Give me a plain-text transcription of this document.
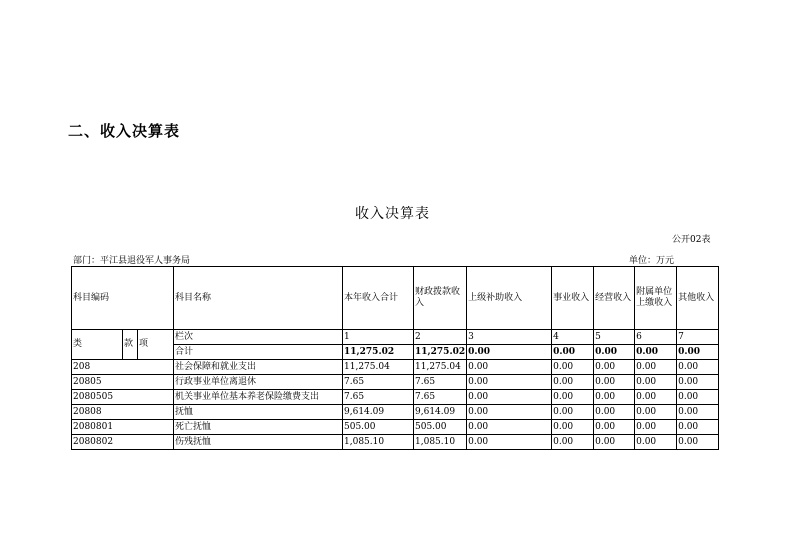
二、收入决算表
收入决算表
公开02表
部门：平江县退役军人事务局	单位：万元
科目编码			科目名称	本年收入合计	财政拨款收入	上级补助收入	事业收入	经营收入	附属单位上缴收入	其他收入
类	款	项	栏次	1	2	3	4	5	6	7
			合计	11,275.02	11,275.02	0.00	0.00	0.00	0.00	0.00
208			社会保障和就业支出	11,275.04	11,275.04	0.00	0.00	0.00	0.00	0.00
20805			行政事业单位离退休	7.65	7.65	0.00	0.00	0.00	0.00	0.00
2080505			机关事业单位基本养老保险缴费支出	7.65	7.65	0.00	0.00	0.00	0.00	0.00
20808			抚恤	9,614.09	9,614.09	0.00	0.00	0.00	0.00	0.00
2080801			死亡抚恤	505.00	505.00	0.00	0.00	0.00	0.00	0.00
2080802			伤残抚恤	1,085.10	1,085.10	0.00	0.00	0.00	0.00	0.00
